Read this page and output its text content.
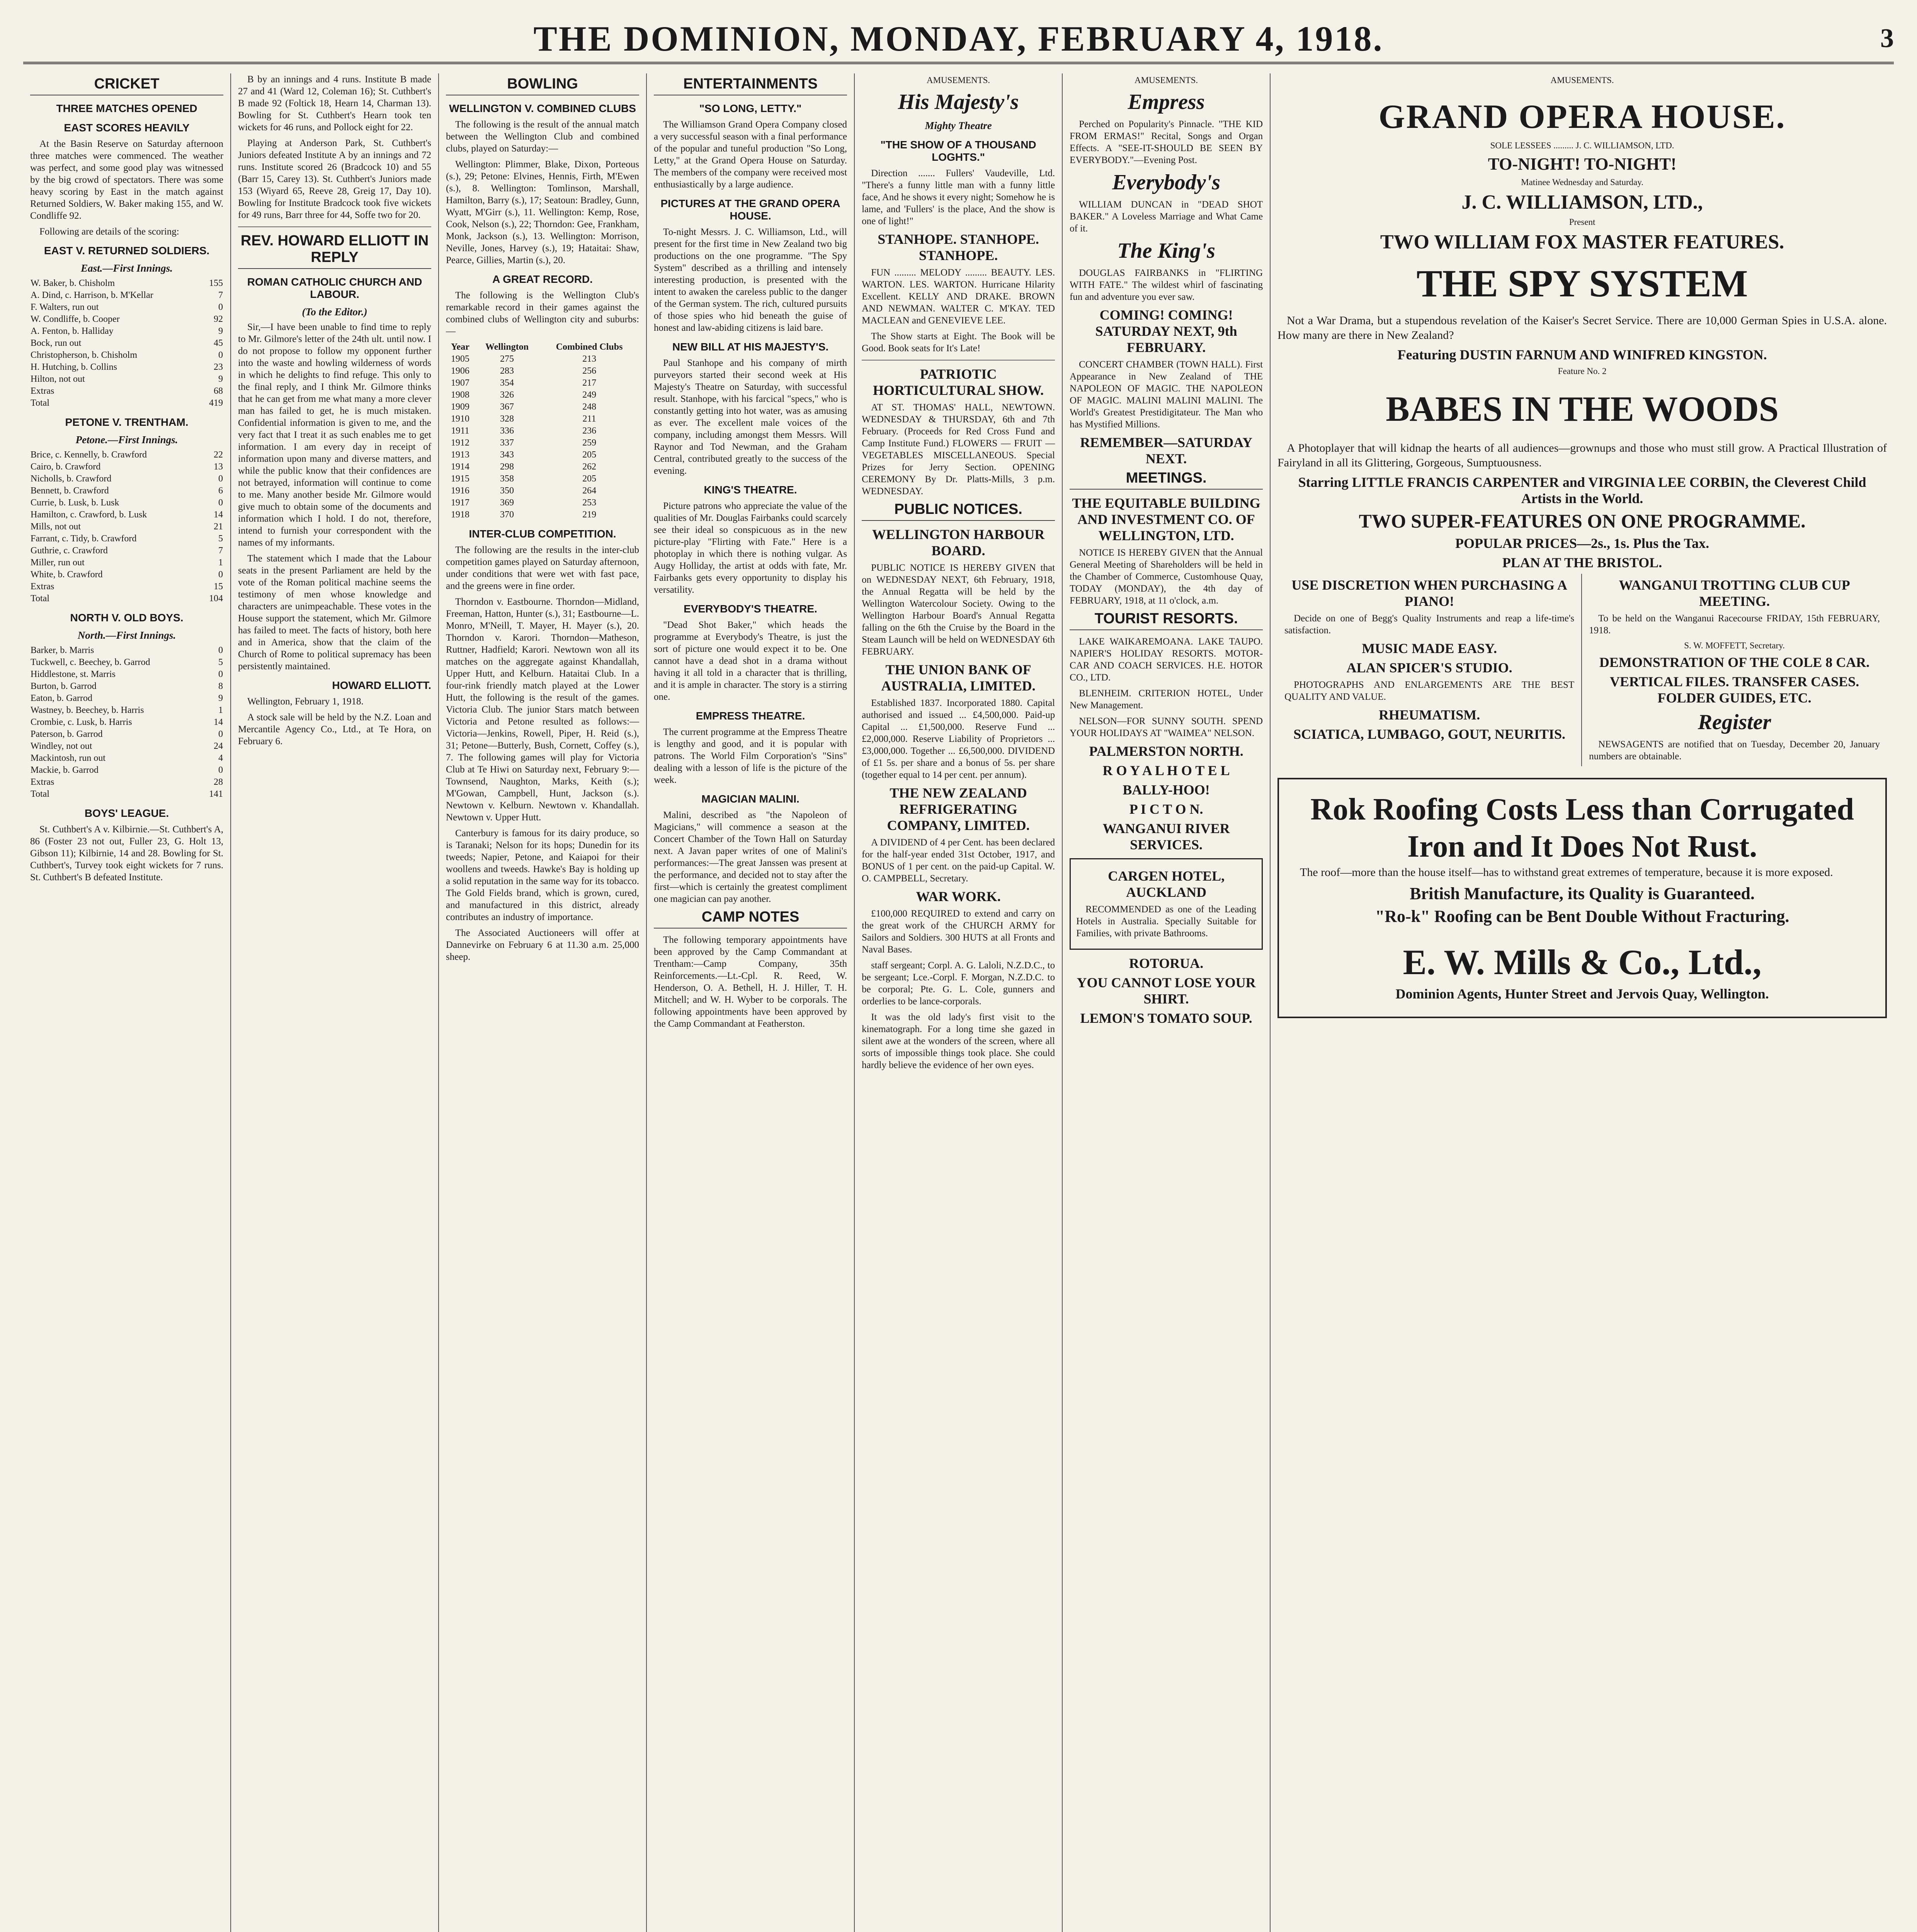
THE DOMINION, MONDAY, FEBRUARY 4, 1918.	3
CRICKET
THREE MATCHES OPENED
EAST SCORES HEAVILY

At the Basin Reserve on Saturday afternoon three matches were commenced. The weather was perfect, and some good play was witnessed by the big crowd of spectators. There was some heavy scoring by East in the match against Returned Soldiers, W. Baker making 155, and W. Condliffe 92.

Following are details of the scoring:

EAST V. RETURNED SOLDIERS.
East.—First Innings.
W. Baker, b. Chisholm	155
A. Dind, c. Harrison, b. M'Kellar	7
F. Walters, run out	0
W. Condliffe, b. Cooper	92
A. Fenton, b. Halliday	9
Bock, run out	45
Christopherson, b. Chisholm	0
H. Hutching, b. Collins	23
Hilton, not out	9
Extras	68
Total	419
PETONE V. TRENTHAM.
Petone.—First Innings.
Brice, c. Kennelly, b. Crawford	22
Cairo, b. Crawford	13
Nicholls, b. Crawford	0
Bennett, b. Crawford	6
Currie, b. Lusk, b. Lusk	0
Hamilton, c. Crawford, b. Lusk	14
Mills, not out	21
Farrant, c. Tidy, b. Crawford	5
Guthrie, c. Crawford	7
Miller, run out	1
White, b. Crawford	0
Extras	15
Total	104
NORTH V. OLD BOYS.
North.—First Innings.
Barker, b. Marris	0
Tuckwell, c. Beechey, b. Garrod	5
Hiddlestone, st. Marris	0
Burton, b. Garrod	8
Eaton, b. Garrod	9
Wastney, b. Beechey, b. Harris	1
Crombie, c. Lusk, b. Harris	14
Paterson, b. Garrod	0
Windley, not out	24
Mackintosh, run out	4
Mackie, b. Garrod	0
Extras	28
Total	141
BOYS' LEAGUE.

St. Cuthbert's A v. Kilbirnie.—St. Cuthbert's A, 86 (Foster 23 not out, Fuller 23, G. Holt 13, Gibson 11); Kilbirnie, 14 and 28. Bowling for St. Cuthbert's, Turvey took eight wickets for 7 runs. St. Cuthbert's B defeated Institute.

B by an innings and 4 runs. Institute B made 27 and 41 (Ward 12, Coleman 16); St. Cuthbert's B made 92 (Foltick 18, Hearn 14, Charman 13). Bowling for St. Cuthbert's Hearn took ten wickets for 46 runs, and Pollock eight for 22.

Playing at Anderson Park, St. Cuthbert's Juniors defeated Institute A by an innings and 72 runs. Institute scored 26 (Bradcock 10) and 55 (Barr 15, Carey 13). St. Cuthbert's Juniors made 153 (Wiyard 65, Reeve 28, Greig 17, Day 10). Bowling for Institute Bradcock took five wickets for 49 runs, Barr three for 44, Soffe two for 20.

REV. HOWARD ELLIOTT IN REPLY
ROMAN CATHOLIC CHURCH AND LABOUR.
(To the Editor.)

Sir,—I have been unable to find time to reply to Mr. Gilmore's letter of the 24th ult. until now. I do not propose to follow my opponent further into the waste and howling wilderness of words in which he delights to find refuge. This only to the final reply, and I think Mr. Gilmore thinks that he can get from me what many a more clever man has failed to get, he is much mistaken. Confidential information is given to me, and the very fact that I treat it as such enables me to get information. I am every day in receipt of information upon many and diverse matters, and while the public know that their confidences are not betrayed, information will continue to come to me. Many another beside Mr. Gilmore would give much to obtain some of the documents and information which I hold. I do not, therefore, intend to furnish your correspondent with the names of my informants.

The statement which I made that the Labour seats in the present Parliament are held by the vote of the Roman political machine seems the testimony of men whose knowledge and characters are unimpeachable. These votes in the House support the statement, which Mr. Gilmore has failed to meet. The facts of history, both here and in America, show that the claim of the Church of Rome to political supremacy has been persistently maintained.

HOWARD ELLIOTT.

Wellington, February 1, 1918.

A stock sale will be held by the N.Z. Loan and Mercantile Agency Co., Ltd., at Te Hora, on February 6.

BOWLING
WELLINGTON V. COMBINED CLUBS

The following is the result of the annual match between the Wellington Club and combined clubs, played on Saturday:—

Wellington: Plimmer, Blake, Dixon, Porteous (s.), 29; Petone: Elvines, Hennis, Firth, M'Ewen (s.), 8. Wellington: Tomlinson, Marshall, Hamilton, Barry (s.), 17; Seatoun: Bradley, Gunn, Wyatt, M'Girr (s.), 11. Wellington: Kemp, Rose, Cook, Nelson (s.), 22; Thorndon: Gee, Frankham, Monk, Jackson (s.), 13. Wellington: Morrison, Neville, Jones, Harvey (s.), 19; Hataitai: Shaw, Pearce, Gillies, Martin (s.), 20.

A GREAT RECORD.

The following is the Wellington Club's remarkable record in their games against the combined clubs of Wellington city and suburbs:—

Year	Wellington	Combined Clubs
1905	275	213
1906	283	256
1907	354	217
1908	326	249
1909	367	248
1910	328	211
1911	336	236
1912	337	259
1913	343	205
1914	298	262
1915	358	205
1916	350	264
1917	369	253
1918	370	219
INTER-CLUB COMPETITION.

The following are the results in the inter-club competition games played on Saturday afternoon, under conditions that were wet with fast pace, and the greens were in fine order.

Thorndon v. Eastbourne. Thorndon—Midland, Freeman, Hatton, Hunter (s.), 31; Eastbourne—L. Monro, M'Neill, T. Mayer, H. Mayer (s.), 20. Thorndon v. Karori. Thorndon—Matheson, Ruttner, Hadfield; Karori. Newtown won all its matches on the aggregate against Khandallah, Upper Hutt, and Kelburn. Hataitai Club. In a four-rink friendly match played at the Lower Hutt, the following is the result of the games. Victoria Club. The junior Stars match between Victoria and Petone resulted as follows:—Victoria—Jenkins, Rowell, Piper, H. Reid (s.), 31; Petone—Butterly, Bush, Cornett, Coffey (s.), 7. The following games will play for Victoria Club at Te Hiwi on Saturday next, February 9:—Townsend, Naughton, Marks, Keith (s.); M'Gowan, Campbell, Hunt, Jackson (s.). Newtown v. Kelburn. Newtown v. Khandallah. Newtown v. Upper Hutt.

Canterbury is famous for its dairy produce, so is Taranaki; Nelson for its hops; Dunedin for its tweeds; Napier, Petone, and Kaiapoi for their woollens and tweeds. Hawke's Bay is holding up a solid reputation in the same way for its tobacco. The Gold Fields brand, which is grown, cured, and manufactured in this district, already contributes an industry of importance.

The Associated Auctioneers will offer at Dannevirke on February 6 at 11.30 a.m. 25,000 sheep.

ENTERTAINMENTS
"SO LONG, LETTY."

The Williamson Grand Opera Company closed a very successful season with a final performance of the popular and tuneful production "So Long, Letty," at the Grand Opera House on Saturday. The members of the company were received most enthusiastically by a large audience.

PICTURES AT THE GRAND OPERA HOUSE.

To-night Messrs. J. C. Williamson, Ltd., will present for the first time in New Zealand two big productions on the one programme. "The Spy System" described as a thrilling and intensely interesting production, is presented with the intent to awaken the careless public to the danger of the German system. The rich, cultured pursuits of those spies who hid beneath the guise of honest and law-abiding citizens is laid bare.

NEW BILL AT HIS MAJESTY'S.

Paul Stanhope and his company of mirth purveyors started their second week at His Majesty's Theatre on Saturday, with successful result. Stanhope, with his farcical "specs," who is constantly getting into hot water, was as amusing as ever. The excellent male voices of the company, including amongst them Messrs. Will Raynor and Tod Newman, and the Graham Central, contributed greatly to the success of the evening.

KING'S THEATRE.

Picture patrons who appreciate the value of the qualities of Mr. Douglas Fairbanks could scarcely see their ideal so conspicuous as in the new picture-play "Flirting with Fate." Here is a photoplay in which there is nothing vulgar. As Augy Holliday, the artist at odds with fate, Mr. Fairbanks gets every opportunity to display his versatility.

EVERYBODY'S THEATRE.

"Dead Shot Baker," which heads the programme at Everybody's Theatre, is just the sort of picture one would expect it to be. One cannot have a dead shot in a drama without having it all told in a character that is thrilling, and it is ample in character. The story is a stirring one.

EMPRESS THEATRE.

The current programme at the Empress Theatre is lengthy and good, and it is popular with patrons. The World Film Corporation's "Sins" dealing with a lesson of life is the picture of the week.

MAGICIAN MALINI.

Malini, described as "the Napoleon of Magicians," will commence a season at the Concert Chamber of the Town Hall on Saturday next. A Javan paper writes of one of Malini's performances:—The great Janssen was present at the performance, and decided not to stay after the first—which is certainly the greatest compliment one magician can pay another.

CAMP NOTES

The following temporary appointments have been approved by the Camp Commandant at Trentham:—Camp Company, 35th Reinforcements.—Lt.-Cpl. R. Reed, W. Henderson, O. A. Bethell, H. J. Hiller, T. H. Mitchell; and W. H. Wyber to be corporals. The following appointments have been approved by the Camp Commandant at Featherston.

AMUSEMENTS.
His Majesty's
Mighty Theatre
"THE SHOW OF A THOUSAND LOGHTS."

Direction ....... Fullers' Vaudeville, Ltd. "There's a funny little man with a funny little face, And he shows it every night; Somehow he is lame, and 'Fullers' is the place, And the show is one of light!"

STANHOPE. STANHOPE. STANHOPE.

FUN ......... MELODY ......... BEAUTY. LES. WARTON. LES. WARTON. Hurricane Hilarity Excellent. KELLY AND DRAKE. BROWN AND NEWMAN. WALTER C. M'KAY. TED MACLEAN and GENEVIEVE LEE.

The Show starts at Eight. The Book will be Good. Book seats for It's Late!

PATRIOTIC HORTICULTURAL SHOW.

AT ST. THOMAS' HALL, NEWTOWN. WEDNESDAY & THURSDAY, 6th and 7th February. (Proceeds for Red Cross Fund and Camp Institute Fund.) FLOWERS — FRUIT — VEGETABLES MISCELLANEOUS. Special Prizes for Jerry Section. OPENING CEREMONY By Dr. Platts-Mills, 3 p.m. WEDNESDAY.

PUBLIC NOTICES.
WELLINGTON HARBOUR BOARD.

PUBLIC NOTICE IS HEREBY GIVEN that on WEDNESDAY NEXT, 6th February, 1918, the Annual Regatta will be held by the Wellington Watercolour Society. Owing to the Wellington Harbour Board's Annual Regatta falling on the 6th the Cruise by the Board in the Steam Launch will be held on WEDNESDAY 6th FEBRUARY.

THE UNION BANK OF AUSTRALIA, LIMITED.

Established 1837. Incorporated 1880. Capital authorised and issued ... £4,500,000. Paid-up Capital ... £1,500,000. Reserve Fund ... £2,000,000. Reserve Liability of Proprietors ... £3,000,000. Together ... £6,500,000. DIVIDEND of £1 5s. per share and a bonus of 5s. per share (together equal to 14 per cent. per annum).

THE NEW ZEALAND REFRIGERATING COMPANY, LIMITED.

A DIVIDEND of 4 per Cent. has been declared for the half-year ended 31st October, 1917, and BONUS of 1 per cent. on the paid-up Capital. W. O. CAMPBELL, Secretary.

WAR WORK.

£100,000 REQUIRED to extend and carry on the great work of the CHURCH ARMY for Sailors and Soldiers. 300 HUTS at all Fronts and Naval Bases.

staff sergeant; Corpl. A. G. Laloli, N.Z.D.C., to be sergeant; Lce.-Corpl. F. Morgan, N.Z.D.C. to be corporal; Pte. G. L. Cole, gunners and orderlies to be lance-corporals.

It was the old lady's first visit to the kinematograph. For a long time she gazed in silent awe at the wonders of the screen, where all sorts of impossible things took place. She could hardly believe the evidence of her own eyes.

AMUSEMENTS.
Empress

Perched on Popularity's Pinnacle. "THE KID FROM ERMAS!" Recital, Songs and Organ Effects. A "SEE-IT-SHOULD BE SEEN BY EVERYBODY."—Evening Post.

Everybody's

WILLIAM DUNCAN in "DEAD SHOT BAKER." A Loveless Marriage and What Came of it.

The King's

DOUGLAS FAIRBANKS in "FLIRTING WITH FATE." The wildest whirl of fascinating fun and adventure you ever saw.

COMING! COMING! SATURDAY NEXT, 9th FEBRUARY.

CONCERT CHAMBER (TOWN HALL). First Appearance in New Zealand of THE NAPOLEON OF MAGIC. THE NAPOLEON OF MAGIC. MALINI MALINI MALINI. The World's Greatest Prestidigitateur. The Man who has Mystified Millions.

REMEMBER—SATURDAY NEXT.
MEETINGS.
THE EQUITABLE BUILDING AND INVESTMENT CO. OF WELLINGTON, LTD.

NOTICE IS HEREBY GIVEN that the Annual General Meeting of Shareholders will be held in the Chamber of Commerce, Customhouse Quay, TODAY (MONDAY), the 4th day of FEBRUARY, 1918, at 11 o'clock, a.m.

TOURIST RESORTS.

LAKE WAIKAREMOANA. LAKE TAUPO. NAPIER'S HOLIDAY RESORTS. MOTOR-CAR AND COACH SERVICES. H.E. HOTOR CO., LTD.

BLENHEIM. CRITERION HOTEL, Under New Management.

NELSON—FOR SUNNY SOUTH. SPEND YOUR HOLIDAYS AT "WAIMEA" NELSON.

PALMERSTON NORTH.
R O Y A L H O T E L
BALLY-HOO!
P I C T O N.
WANGANUI RIVER SERVICES.
CARGEN HOTEL, AUCKLAND

RECOMMENDED as one of the Leading Hotels in Australia. Specially Suitable for Families, with private Bathrooms.

ROTORUA.
YOU CANNOT LOSE YOUR SHIRT.
LEMON'S TOMATO SOUP.
AMUSEMENTS.
GRAND OPERA HOUSE.
SOLE LESSEES ......... J. C. WILLIAMSON, LTD.
TO-NIGHT! TO-NIGHT!
Matinee Wednesday and Saturday.
J. C. WILLIAMSON, LTD.,
Present
TWO WILLIAM FOX MASTER FEATURES.
THE SPY SYSTEM

Not a War Drama, but a stupendous revelation of the Kaiser's Secret Service. There are 10,000 German Spies in U.S.A. alone. How many are there in New Zealand?

Featuring DUSTIN FARNUM AND WINIFRED KINGSTON.
Feature No. 2
BABES IN THE WOODS

A Photoplayer that will kidnap the hearts of all audiences—grownups and those who must still grow. A Practical Illustration of Fairyland in all its Glittering, Gorgeous, Sumptuousness.

Starring LITTLE FRANCIS CARPENTER and VIRGINIA LEE CORBIN, the Cleverest Child Artists in the World.
TWO SUPER-FEATURES ON ONE PROGRAMME.
POPULAR PRICES—2s., 1s. Plus the Tax.
PLAN AT THE BRISTOL.
USE DISCRETION WHEN PURCHASING A PIANO!

Decide on one of Begg's Quality Instruments and reap a life-time's satisfaction.

MUSIC MADE EASY.
ALAN SPICER'S STUDIO.

PHOTOGRAPHS AND ENLARGEMENTS ARE THE BEST QUALITY AND VALUE.

RHEUMATISM.
SCIATICA, LUMBAGO, GOUT, NEURITIS.
WANGANUI TROTTING CLUB CUP MEETING.

To be held on the Wanganui Racecourse FRIDAY, 15th FEBRUARY, 1918.

S. W. MOFFETT, Secretary.
DEMONSTRATION OF THE COLE 8 CAR.
VERTICAL FILES. TRANSFER CASES. FOLDER GUIDES, ETC.
Register

NEWSAGENTS are notified that on Tuesday, December 20, January numbers are obtainable.

Rok Roofing Costs Less than Corrugated Iron and It Does Not Rust.

The roof—more than the house itself—has to withstand great extremes of temperature, because it is more exposed.

British Manufacture, its Quality is Guaranteed.
"Ro-k" Roofing can be Bent Double Without Fracturing.
E. W. Mills & Co., Ltd.,
Dominion Agents, Hunter Street and Jervois Quay, Wellington.
